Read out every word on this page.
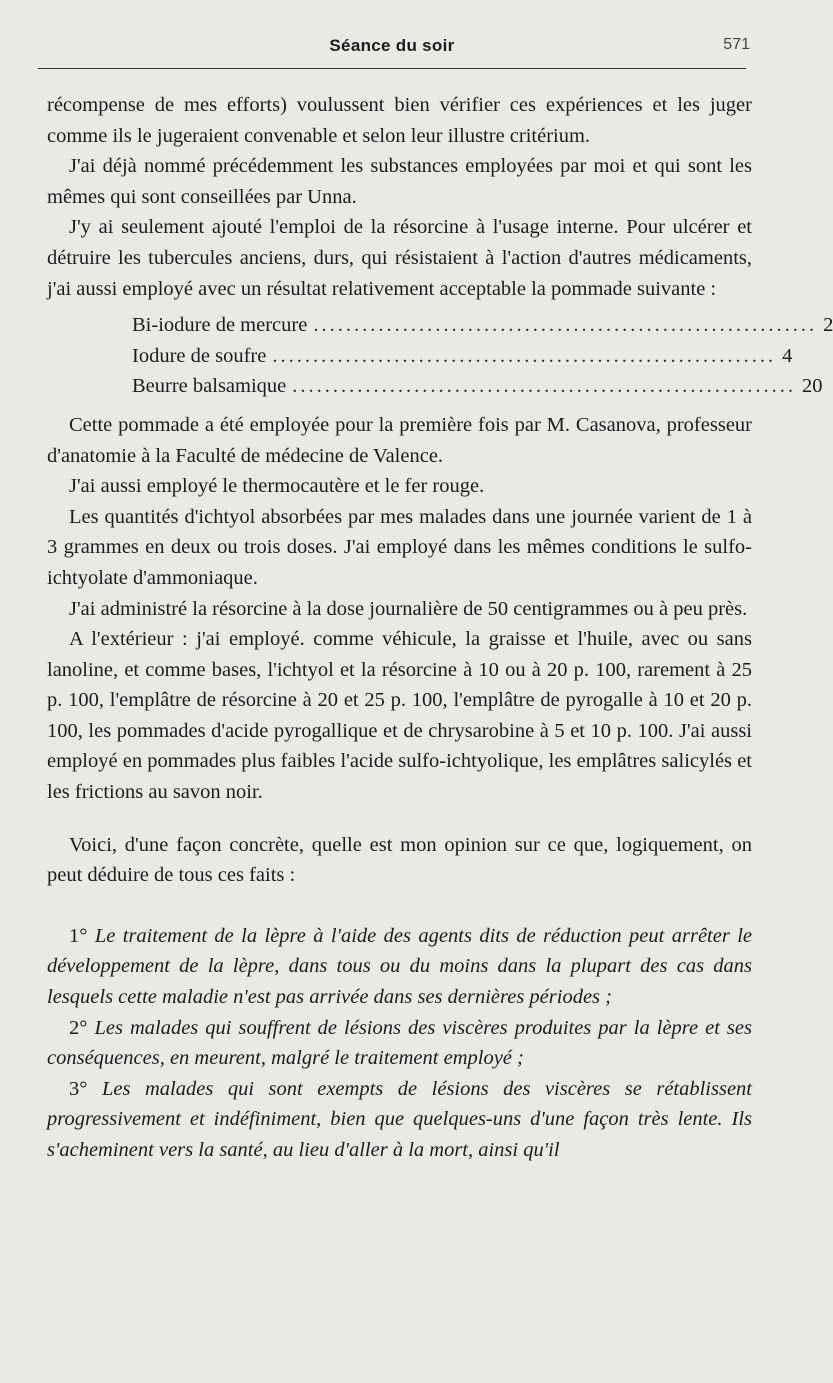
Séance du soir	571

récompense de mes efforts) voulussent bien vérifier ces expériences et les juger comme ils le jugeraient convenable et selon leur illustre critérium.

J'ai déjà nommé précédemment les substances employées par moi et qui sont les mêmes qui sont conseillées par Unna.

J'y ai seulement ajouté l'emploi de la résorcine à l'usage interne. Pour ulcérer et détruire les tubercules anciens, durs, qui résistaient à l'action d'autres médicaments, j'ai aussi employé avec un résultat relativement acceptable la pommade suivante :

Bi-iodure de mercure .............................................................. 2
Iodure de soufre .............................................................. 4
Beurre balsamique .............................................................. 20

Cette pommade a été employée pour la première fois par M. Casanova, professeur d'anatomie à la Faculté de médecine de Valence.

J'ai aussi employé le thermocautère et le fer rouge.

Les quantités d'ichtyol absorbées par mes malades dans une journée varient de 1 à 3 grammes en deux ou trois doses. J'ai employé dans les mêmes conditions le sulfo-ichtyolate d'ammoniaque.

J'ai administré la résorcine à la dose journalière de 50 centigrammes ou à peu près.

A l'extérieur : j'ai employé. comme véhicule, la graisse et l'huile, avec ou sans lanoline, et comme bases, l'ichtyol et la résorcine à 10 ou à 20 p. 100, rarement à 25 p. 100, l'emplâtre de résorcine à 20 et 25 p. 100, l'emplâtre de pyrogalle à 10 et 20 p. 100, les pommades d'acide pyrogallique et de chrysarobine à 5 et 10 p. 100. J'ai aussi employé en pommades plus faibles l'acide sulfo-ichtyolique, les emplâtres salicylés et les frictions au savon noir.

Voici, d'une façon concrète, quelle est mon opinion sur ce que, logiquement, on peut déduire de tous ces faits :

1° Le traitement de la lèpre à l'aide des agents dits de réduction peut arrêter le développement de la lèpre, dans tous ou du moins dans la plupart des cas dans lesquels cette maladie n'est pas arrivée dans ses dernières périodes ;

2° Les malades qui souffrent de lésions des viscères produites par la lèpre et ses conséquences, en meurent, malgré le traitement employé ;

3° Les malades qui sont exempts de lésions des viscères se rétablissent progressivement et indéfiniment, bien que quelques-uns d'une façon très lente. Ils s'acheminent vers la santé, au lieu d'aller à la mort, ainsi qu'il
